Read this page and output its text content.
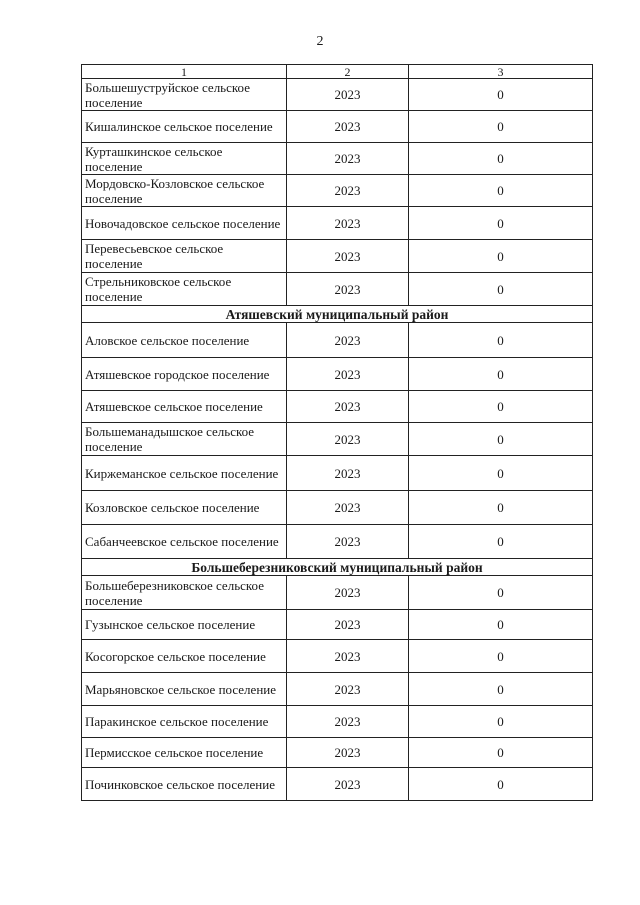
2
1	2	3
Большешуструйское сельское поселение	2023	0
Кишалинское сельское поселение	2023	0
Курташкинское сельское поселение	2023	0
Мордовско-Козловское сельское поселение	2023	0
Новочадовское сельское поселение	2023	0
Перевесьевское сельское поселение	2023	0
Стрельниковское сельское поселение	2023	0
Атяшевский муниципальный район		
Аловское сельское поселение	2023	0
Атяшевское городское поселение	2023	0
Атяшевское сельское поселение	2023	0
Большеманадышское сельское поселение	2023	0
Киржеманское сельское поселение	2023	0
Козловское сельское поселение	2023	0
Сабанчеевское сельское поселение	2023	0
Большеберезниковский муниципальный район		
Большеберезниковское сельское поселение	2023	0
Гузынское сельское поселение	2023	0
Косогорское сельское поселение	2023	0
Марьяновское сельское поселение	2023	0
Паракинское сельское поселение	2023	0
Пермисское сельское поселение	2023	0
Починковское сельское поселение	2023	0
